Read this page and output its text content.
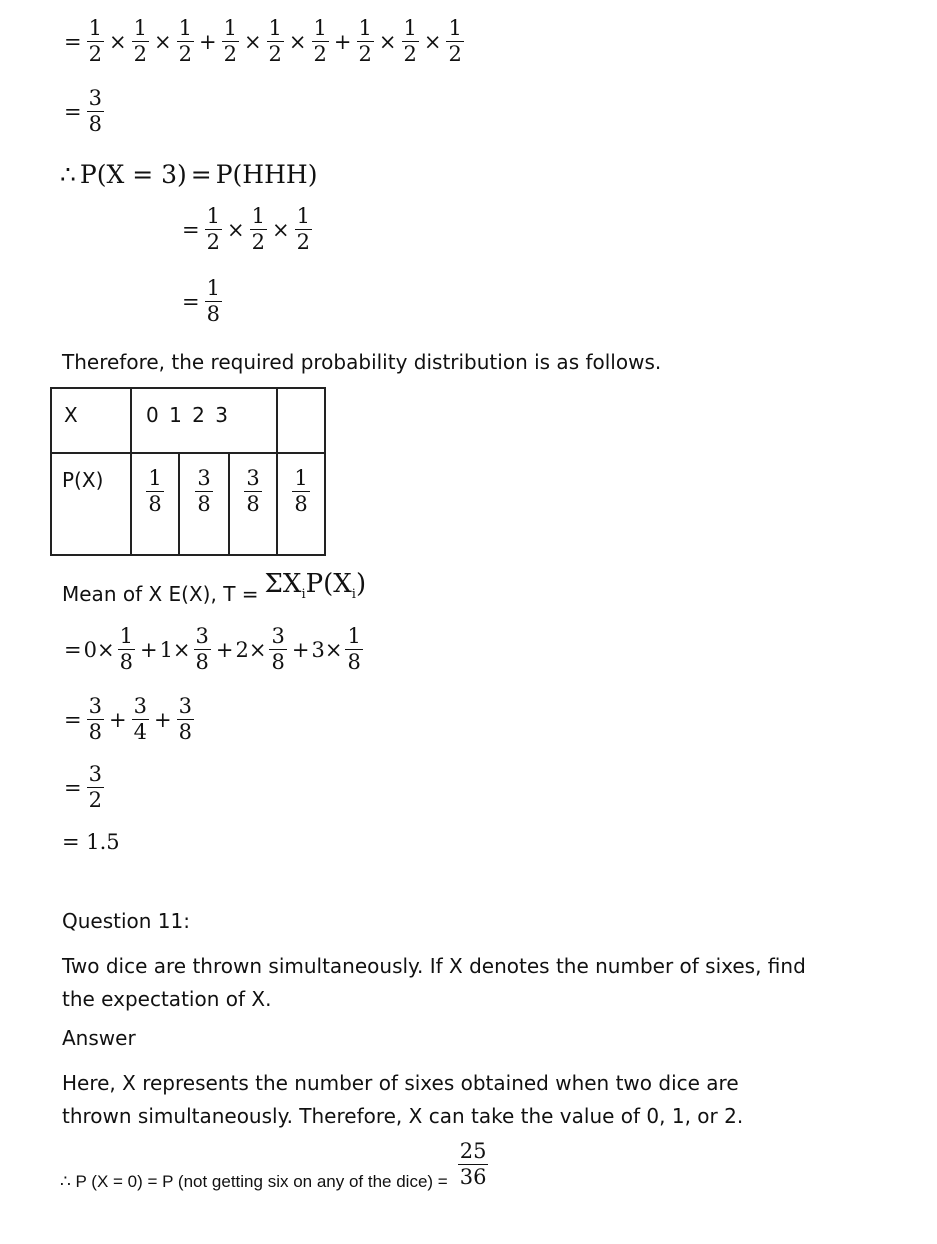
= $\frac{1}{2} \times \frac{1}{2} \times \frac{1}{2} + \frac{1}{2} \times \frac{1}{2} \times \frac{1}{2} + \frac{1}{2} \times \frac{1}{2} \times \frac{1}{2}$
= $\frac{3}{8}$
∴ P(X = 3) = P(HHH)
= $\frac{1}{2} \times \frac{1}{2} \times \frac{1}{2}$
= $\frac{1}{8}$
Therefore, the required probability distribution is as follows.
X	0 1 2 3			

P(X)	$\frac{1}{8}$	$\frac{3}{8}$	$\frac{3}{8}$	$\frac{1}{8}$
Mean of X E(X), $T = \Sigma X_iP(X_i)$
= $0\times \frac{1}{8} + 1\times \frac{3}{8} + 2\times \frac{3}{8} + 3\times \frac{1}{8}$
= $\frac{3}{8} + \frac{3}{4} + \frac{3}{8}$
= $\frac{3}{2}$
= 1.5
Question 11:
Two dice are thrown simultaneously. If X denotes the number of sixes, find
the expectation of X.
Answer
Here, X represents the number of sixes obtained when two dice are
thrown simultaneously. Therefore, X can take the value of 0, 1, or 2.
∴ P (X = 0) = P (not getting six on any of the dice) = $\frac{25}{36}$
